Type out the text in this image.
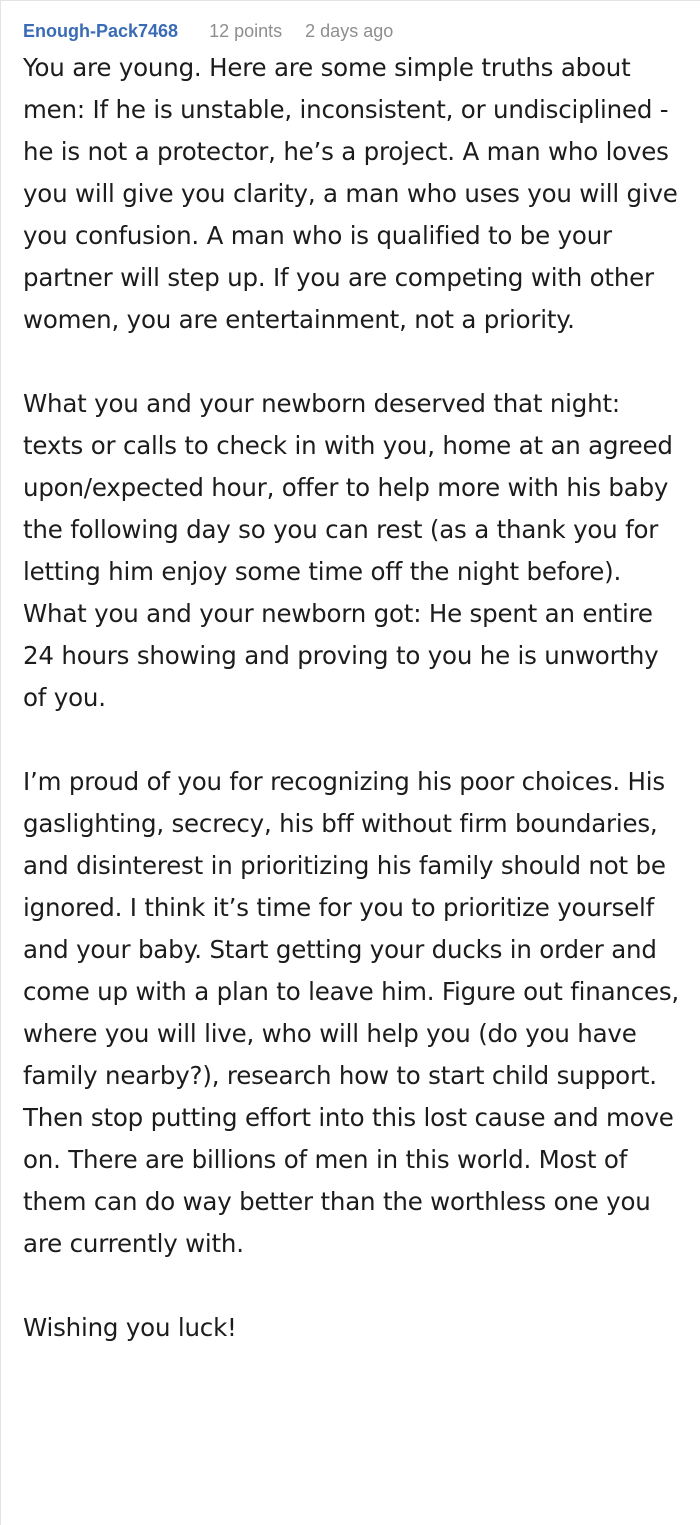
Enough-Pack7468 12 points 2 days ago

You are young. Here are some simple truths about men: If he is unstable, inconsistent, or undisciplined - he is not a protector, he’s a project. A man who loves you will give you clarity, a man who uses you will give you confusion. A man who is qualified to be your partner will step up. If you are competing with other women, you are entertainment, not a priority.

What you and your newborn deserved that night: texts or calls to check in with you, home at an agreed upon/expected hour, offer to help more with his baby the following day so you can rest (as a thank you for letting him enjoy some time off the night before). What you and your newborn got: He spent an entire 24 hours showing and proving to you he is unworthy of you.

I’m proud of you for recognizing his poor choices. His gaslighting, secrecy, his bff without firm boundaries, and disinterest in prioritizing his family should not be ignored. I think it’s time for you to prioritize yourself and your baby. Start getting your ducks in order and come up with a plan to leave him. Figure out finances, where you will live, who will help you (do you have family nearby?), research how to start child support. Then stop putting effort into this lost cause and move on. There are billions of men in this world. Most of them can do way better than the worthless one you are currently with.

Wishing you luck!
